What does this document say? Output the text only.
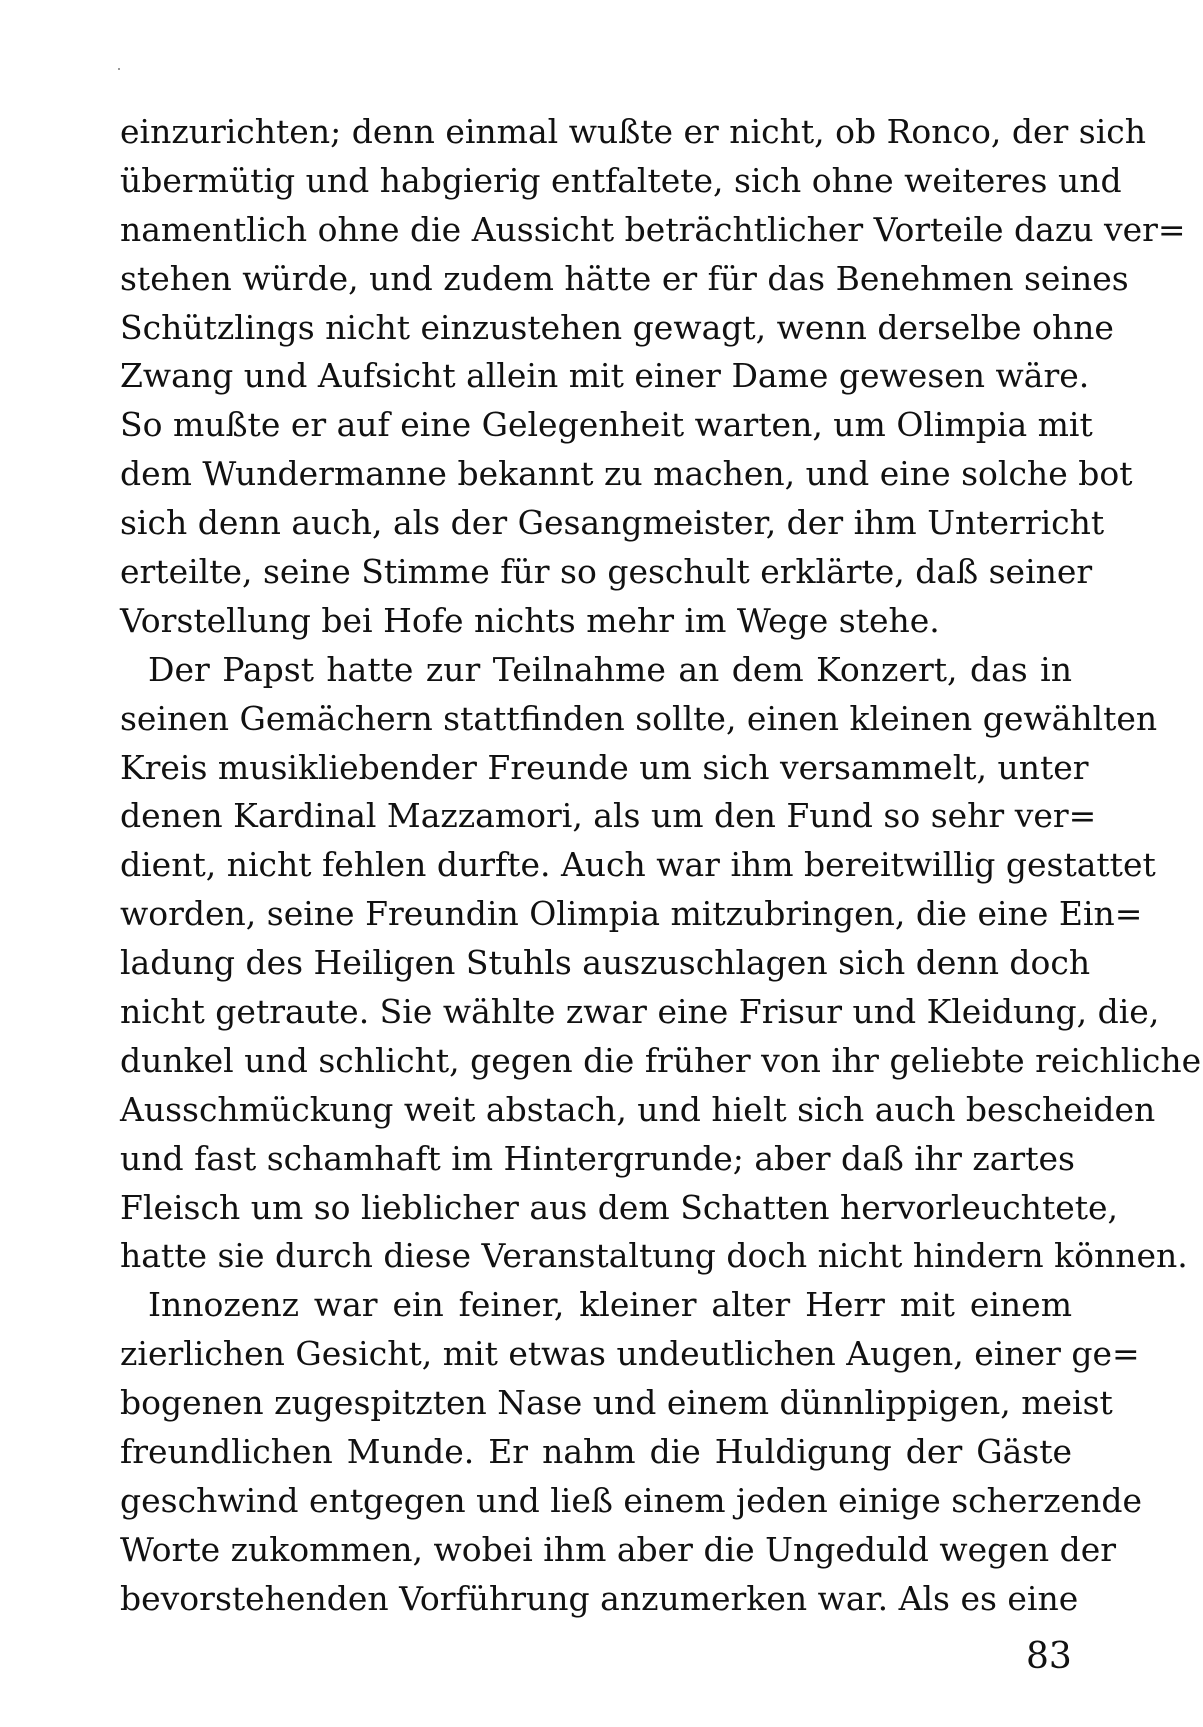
einzurichten; denn einmal wußte er nicht, ob Ronco, der sich
übermütig und habgierig entfaltete, sich ohne weiteres und
namentlich ohne die Aussicht beträchtlicher Vorteile dazu ver=
stehen würde, und zudem hätte er für das Benehmen seines
Schützlings nicht einzustehen gewagt, wenn derselbe ohne
Zwang und Aufsicht allein mit einer Dame gewesen wäre.
So mußte er auf eine Gelegenheit warten, um Olimpia mit
dem Wundermanne bekannt zu machen, und eine solche bot
sich denn auch, als der Gesangmeister, der ihm Unterricht
erteilte, seine Stimme für so geschult erklärte, daß seiner
Vorstellung bei Hofe nichts mehr im Wege stehe.
Der Papst hatte zur Teilnahme an dem Konzert, das in
seinen Gemächern stattfinden sollte, einen kleinen gewählten
Kreis musikliebender Freunde um sich versammelt, unter
denen Kardinal Mazzamori, als um den Fund so sehr ver=
dient, nicht fehlen durfte. Auch war ihm bereitwillig gestattet
worden, seine Freundin Olimpia mitzubringen, die eine Ein=
ladung des Heiligen Stuhls auszuschlagen sich denn doch
nicht getraute. Sie wählte zwar eine Frisur und Kleidung, die,
dunkel und schlicht, gegen die früher von ihr geliebte reichliche
Ausschmückung weit abstach, und hielt sich auch bescheiden
und fast schamhaft im Hintergrunde; aber daß ihr zartes
Fleisch um so lieblicher aus dem Schatten hervorleuchtete,
hatte sie durch diese Veranstaltung doch nicht hindern können.
Innozenz war ein feiner, kleiner alter Herr mit einem
zierlichen Gesicht, mit etwas undeutlichen Augen, einer ge=
bogenen zugespitzten Nase und einem dünnlippigen, meist
freundlichen Munde. Er nahm die Huldigung der Gäste
geschwind entgegen und ließ einem jeden einige scherzende
Worte zukommen, wobei ihm aber die Ungeduld wegen der
bevorstehenden Vorführung anzumerken war. Als es eine
83
